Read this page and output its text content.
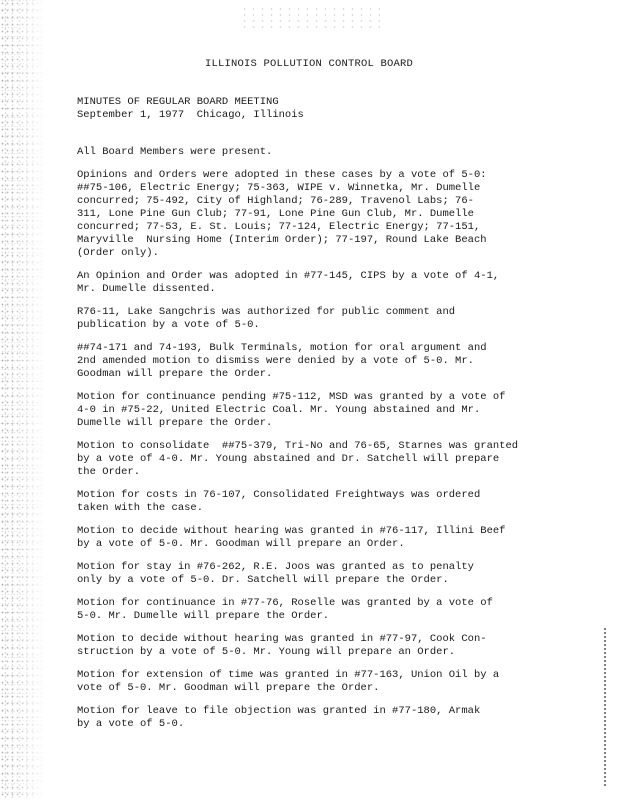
ILLINOIS POLLUTION CONTROL BOARD
MINUTES OF REGULAR BOARD MEETING
September 1, 1977  Chicago, Illinois

All Board Members were present.

Opinions and Orders were adopted in these cases by a vote of 5-0:
##75-106, Electric Energy; 75-363, WIPE v. Winnetka, Mr. Dumelle
concurred; 75-492, City of Highland; 76-289, Travenol Labs; 76-
311, Lone Pine Gun Club; 77-91, Lone Pine Gun Club, Mr. Dumelle
concurred; 77-53, E. St. Louis; 77-124, Electric Energy; 77-151,
Maryville  Nursing Home (Interim Order); 77-197, Round Lake Beach
(Order only).

An Opinion and Order was adopted in #77-145, CIPS by a vote of 4-1,
Mr. Dumelle dissented.

R76-11, Lake Sangchris was authorized for public comment and
publication by a vote of 5-0.

##74-171 and 74-193, Bulk Terminals, motion for oral argument and
2nd amended motion to dismiss were denied by a vote of 5-0. Mr.
Goodman will prepare the Order.

Motion for continuance pending #75-112, MSD was granted by a vote of
4-0 in #75-22, United Electric Coal. Mr. Young abstained and Mr.
Dumelle will prepare the Order.

Motion to consolidate  ##75-379, Tri-No and 76-65, Starnes was granted
by a vote of 4-0. Mr. Young abstained and Dr. Satchell will prepare
the Order.

Motion for costs in 76-107, Consolidated Freightways was ordered
taken with the case.

Motion to decide without hearing was granted in #76-117, Illini Beef
by a vote of 5-0. Mr. Goodman will prepare an Order.

Motion for stay in #76-262, R.E. Joos was granted as to penalty
only by a vote of 5-0. Dr. Satchell will prepare the Order.

Motion for continuance in #77-76, Roselle was granted by a vote of
5-0. Mr. Dumelle will prepare the Order.

Motion to decide without hearing was granted in #77-97, Cook Con-
struction by a vote of 5-0. Mr. Young will prepare an Order.

Motion for extension of time was granted in #77-163, Union Oil by a
vote of 5-0. Mr. Goodman will prepare the Order.

Motion for leave to file objection was granted in #77-180, Armak
by a vote of 5-0.
